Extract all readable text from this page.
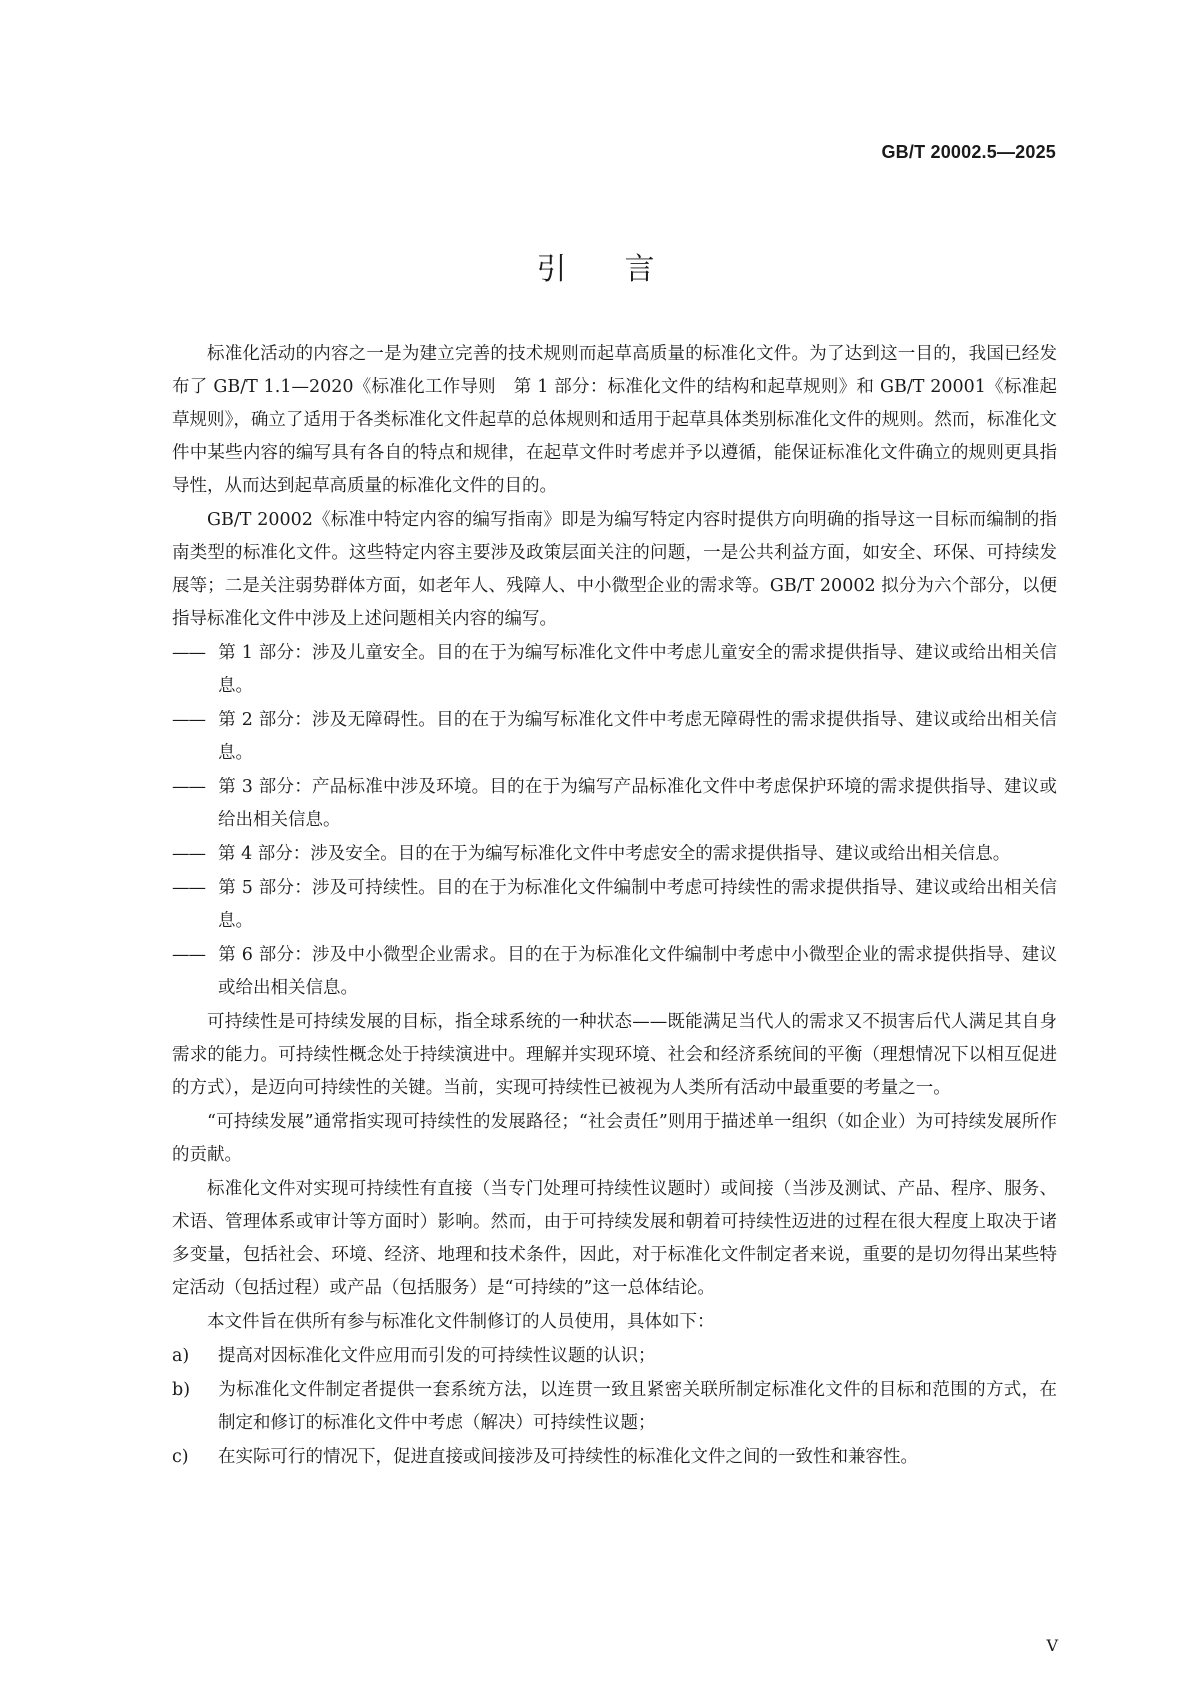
GB/T 20002.5—2025
引言

标准化活动的内容之一是为建立完善的技术规则而起草高质量的标准化文件。为了达到这一目的，我国已经发布了 GB/T 1.1—2020《标准化工作导则　第 1 部分：标准化文件的结构和起草规则》和 GB/T 20001《标准起草规则》，确立了适用于各类标准化文件起草的总体规则和适用于起草具体类别标准化文件的规则。然而，标准化文件中某些内容的编写具有各自的特点和规律，在起草文件时考虑并予以遵循，能保证标准化文件确立的规则更具指导性，从而达到起草高质量的标准化文件的目的。

GB/T 20002《标准中特定内容的编写指南》即是为编写特定内容时提供方向明确的指导这一目标而编制的指南类型的标准化文件。这些特定内容主要涉及政策层面关注的问题，一是公共利益方面，如安全、环保、可持续发展等；二是关注弱势群体方面，如老年人、残障人、中小微型企业的需求等。GB/T 20002 拟分为六个部分，以便指导标准化文件中涉及上述问题相关内容的编写。

—— 第 1 部分：涉及儿童安全。目的在于为编写标准化文件中考虑儿童安全的需求提供指导、建议或给出相关信息。

—— 第 2 部分：涉及无障碍性。目的在于为编写标准化文件中考虑无障碍性的需求提供指导、建议或给出相关信息。

—— 第 3 部分：产品标准中涉及环境。目的在于为编写产品标准化文件中考虑保护环境的需求提供指导、建议或给出相关信息。

—— 第 4 部分：涉及安全。目的在于为编写标准化文件中考虑安全的需求提供指导、建议或给出相关信息。

—— 第 5 部分：涉及可持续性。目的在于为标准化文件编制中考虑可持续性的需求提供指导、建议或给出相关信息。

—— 第 6 部分：涉及中小微型企业需求。目的在于为标准化文件编制中考虑中小微型企业的需求提供指导、建议或给出相关信息。

可持续性是可持续发展的目标，指全球系统的一种状态——既能满足当代人的需求又不损害后代人满足其自身需求的能力。可持续性概念处于持续演进中。理解并实现环境、社会和经济系统间的平衡（理想情况下以相互促进的方式），是迈向可持续性的关键。当前，实现可持续性已被视为人类所有活动中最重要的考量之一。

“可持续发展”通常指实现可持续性的发展路径；“社会责任”则用于描述单一组织（如企业）为可持续发展所作的贡献。

标准化文件对实现可持续性有直接（当专门处理可持续性议题时）或间接（当涉及测试、产品、程序、服务、术语、管理体系或审计等方面时）影响。然而，由于可持续发展和朝着可持续性迈进的过程在很大程度上取决于诸多变量，包括社会、环境、经济、地理和技术条件，因此，对于标准化文件制定者来说，重要的是切勿得出某些特定活动（包括过程）或产品（包括服务）是“可持续的”这一总体结论。

本文件旨在供所有参与标准化文件制修订的人员使用，具体如下：

a) 提高对因标准化文件应用而引发的可持续性议题的认识；

b) 为标准化文件制定者提供一套系统方法，以连贯一致且紧密关联所制定标准化文件的目标和范围的方式，在制定和修订的标准化文件中考虑（解决）可持续性议题；

c) 在实际可行的情况下，促进直接或间接涉及可持续性的标准化文件之间的一致性和兼容性。

V
